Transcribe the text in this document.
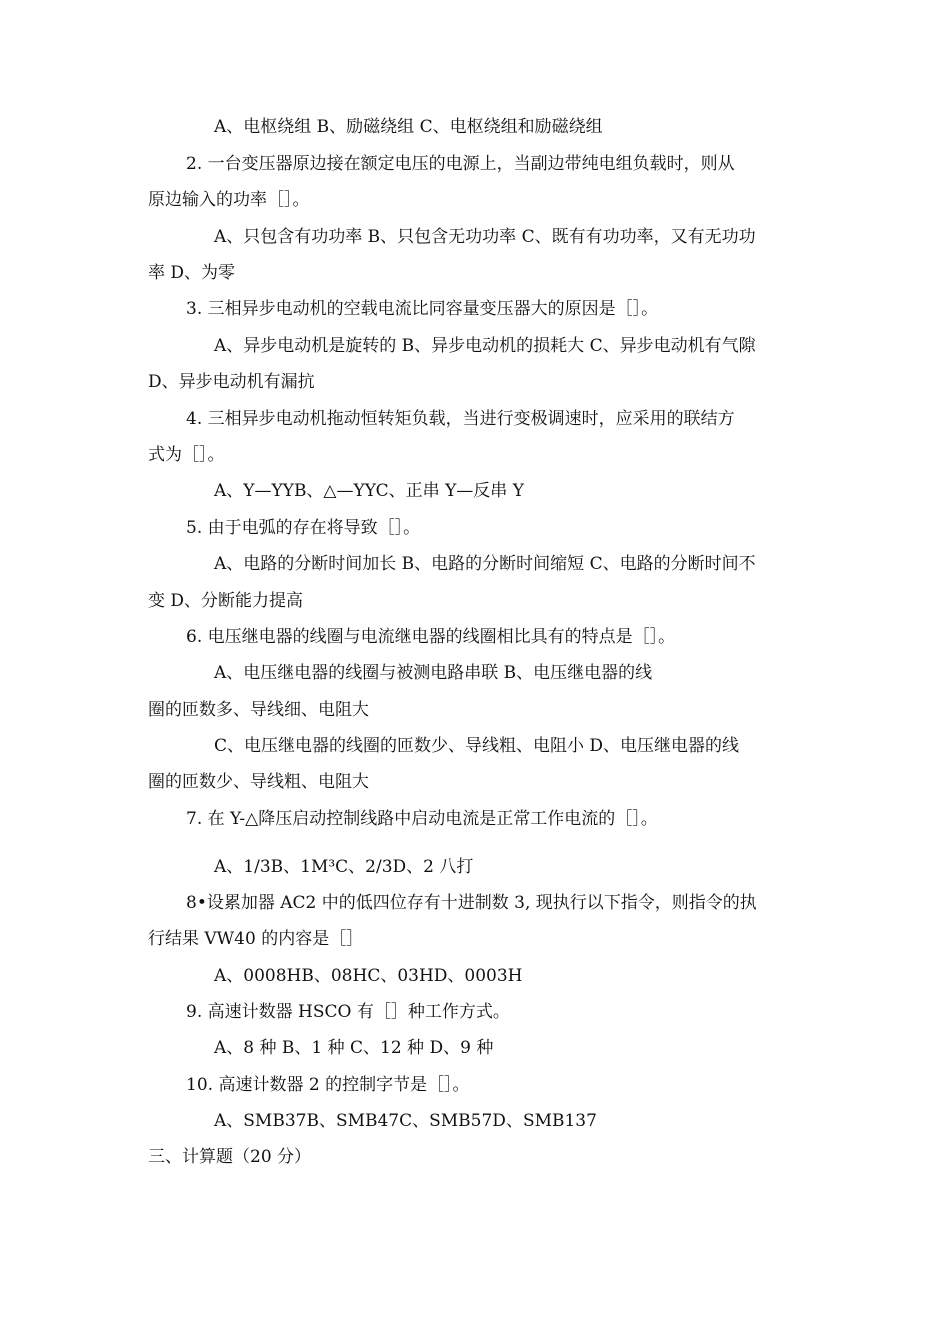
A、电枢绕组 B、励磁绕组 C、电枢绕组和励磁绕组
2. 一台变压器原边接在额定电压的电源上，当副边带纯电组负载时，则从
原边输入的功率［］。
A、只包含有功功率 B、只包含无功功率 C、既有有功功率，又有无功功
率 D、为零
3. 三相异步电动机的空载电流比同容量变压器大的原因是［］。
A、异步电动机是旋转的 B、异步电动机的损耗大 C、异步电动机有气隙
D、异步电动机有漏抗
4. 三相异步电动机拖动恒转矩负载，当进行变极调速时，应采用的联结方
式为［］。
A、Y—YYB、△—YYC、正串 Y—反串 Y
5. 由于电弧的存在将导致［］。
A、电路的分断时间加长 B、电路的分断时间缩短 C、电路的分断时间不
变 D、分断能力提高
6. 电压继电器的线圈与电流继电器的线圈相比具有的特点是［］。
A、电压继电器的线圈与被测电路串联 B、电压继电器的线
圈的匝数多、导线细、电阻大
C、电压继电器的线圈的匝数少、导线粗、电阻小 D、电压继电器的线
圈的匝数少、导线粗、电阻大
7. 在 Y-△降压启动控制线路中启动电流是正常工作电流的［］。
A、1/3B、1M³C、2/3D、2 八打
8•设累加器 AC2 中的低四位存有十进制数 3, 现执行以下指令，则指令的执
行结果 VW40 的内容是［］
A、0008HB、08HC、03HD、0003H
9. 高速计数器 HSCO 有［］种工作方式。
A、8 种 B、1 种 C、12 种 D、9 种
10. 高速计数器 2 的控制字节是［］。
A、SMB37B、SMB47C、SMB57D、SMB137
三、计算题（20 分）
